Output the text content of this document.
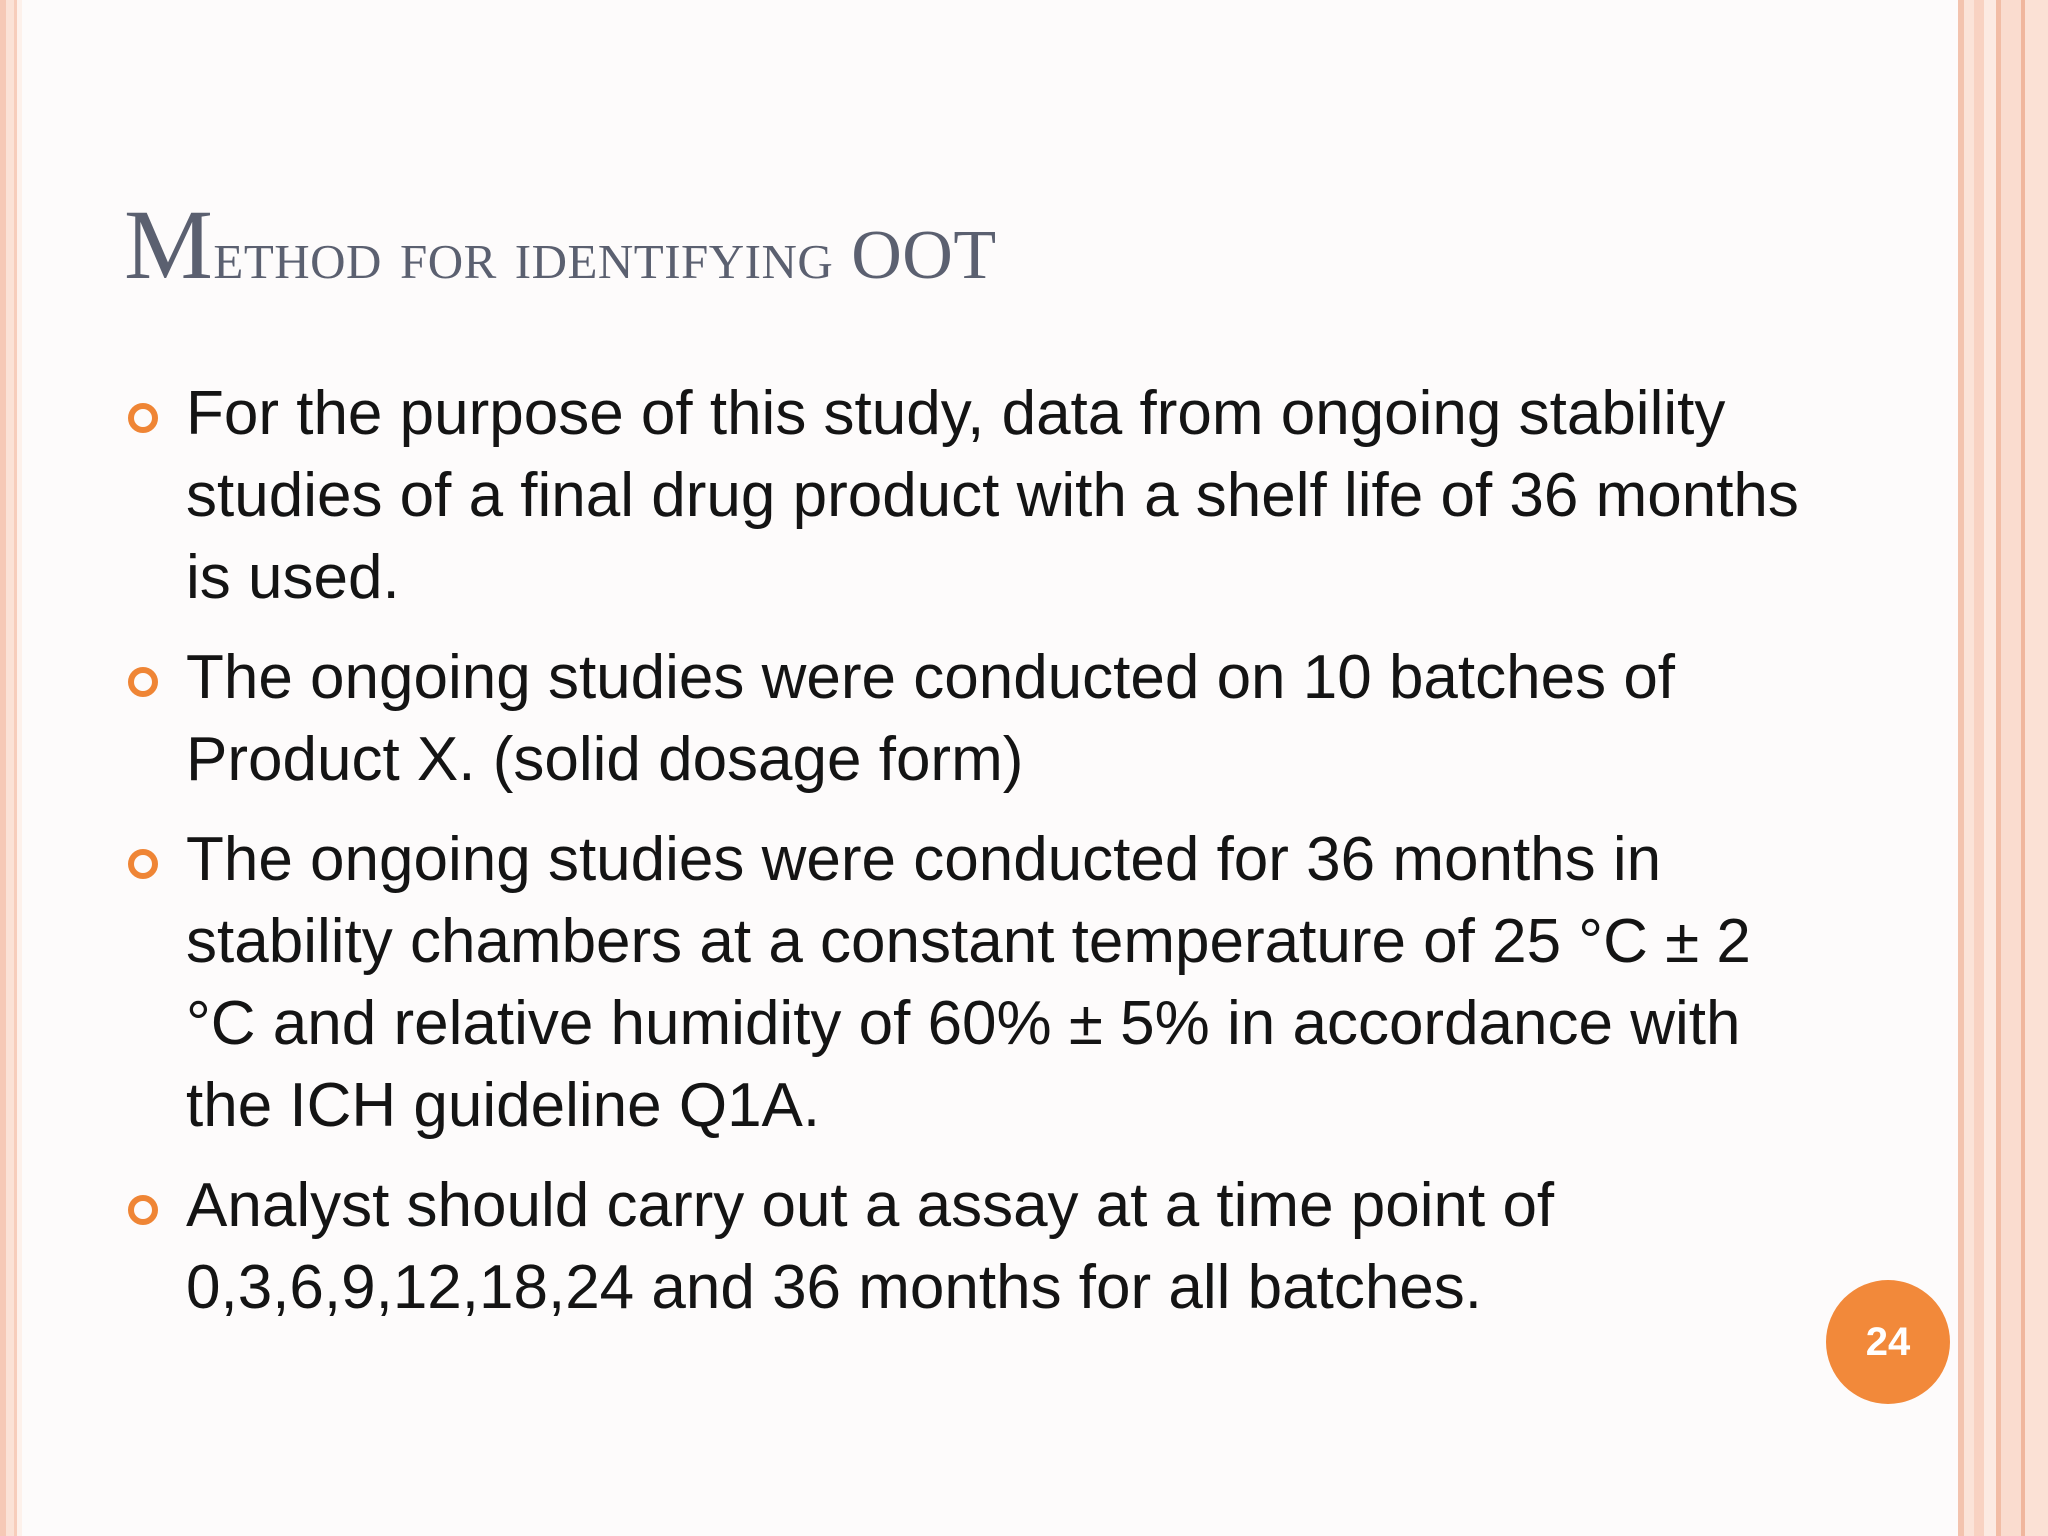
Method for identifying OOT
For the purpose of this study, data from ongoing stability studies of a final drug product with a shelf life of 36 months is used.
The ongoing studies were conducted on 10 batches of Product X. (solid dosage form)
The ongoing studies were conducted for 36 months in stability chambers at a constant temperature of 25 °C ± 2 °C and relative humidity of 60% ± 5% in accordance with the ICH guideline Q1A.
Analyst should carry out a assay at a time point of 0,3,6,9,12,18,24 and 36 months for all batches.
24
